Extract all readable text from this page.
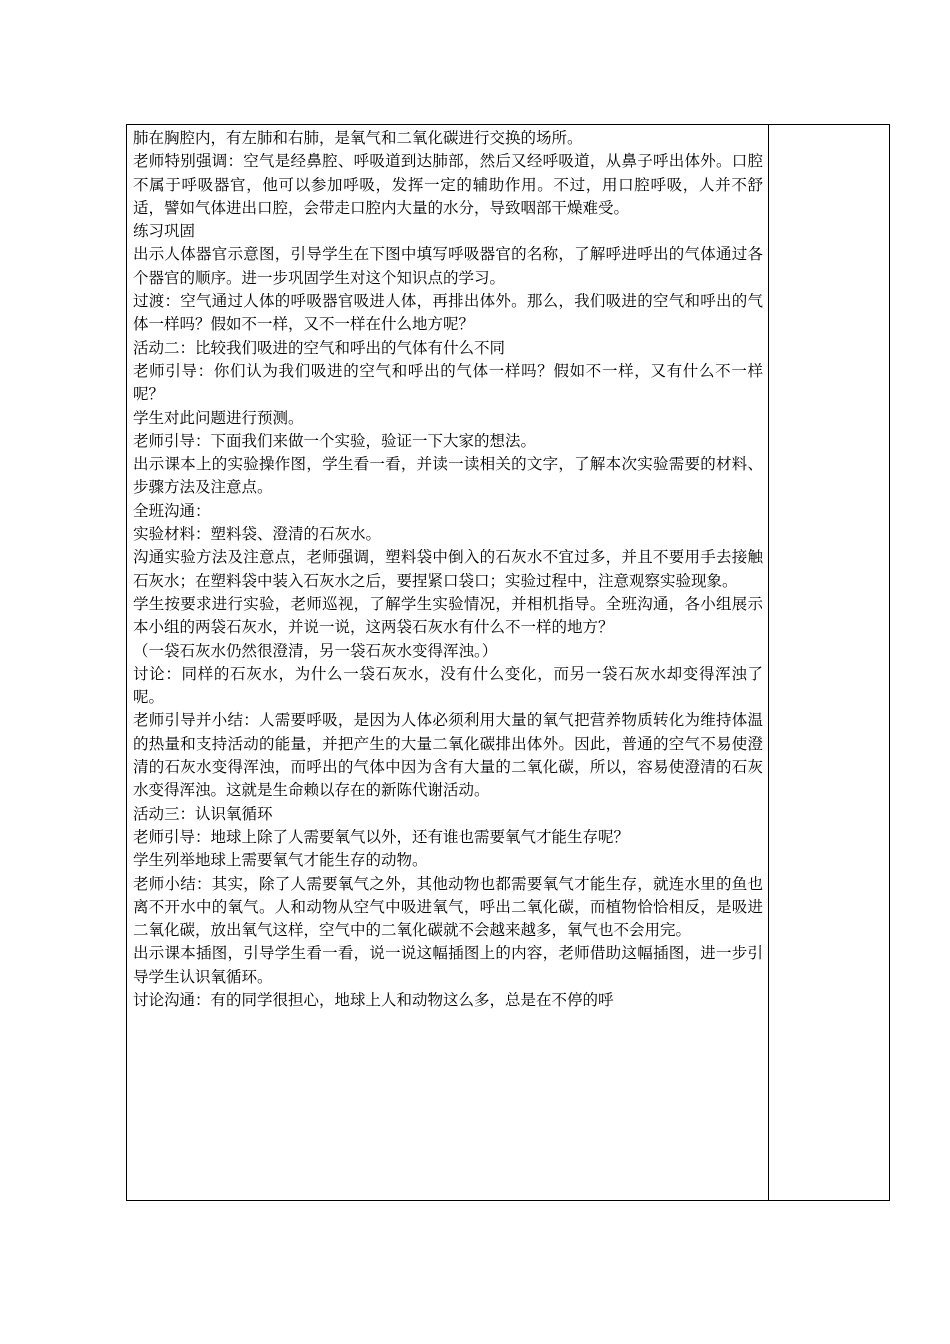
肺在胸腔内，有左肺和右肺，是氧气和二氧化碳进行交换的场所。

老师特别强调：空气是经鼻腔、呼吸道到达肺部，然后又经呼吸道，从鼻子呼出体外。口腔不属于呼吸器官，他可以参加呼吸，发挥一定的辅助作用。不过，用口腔呼吸，人并不舒适，譬如气体进出口腔，会带走口腔内大量的水分，导致咽部干燥难受。

练习巩固

出示人体器官示意图，引导学生在下图中填写呼吸器官的名称，了解呼进呼出的气体通过各个器官的顺序。进一步巩固学生对这个知识点的学习。

过渡：空气通过人体的呼吸器官吸进人体，再排出体外。那么，我们吸进的空气和呼出的气体一样吗？假如不一样，又不一样在什么地方呢？

活动二：比较我们吸进的空气和呼出的气体有什么不同

老师引导：你们认为我们吸进的空气和呼出的气体一样吗？假如不一样，又有什么不一样呢？

学生对此问题进行预测。

老师引导：下面我们来做一个实验，验证一下大家的想法。

出示课本上的实验操作图，学生看一看，并读一读相关的文字，了解本次实验需要的材料、步骤方法及注意点。

全班沟通：

实验材料：塑料袋、澄清的石灰水。

沟通实验方法及注意点，老师强调，塑料袋中倒入的石灰水不宜过多，并且不要用手去接触石灰水；在塑料袋中装入石灰水之后，要捏紧口袋口；实验过程中，注意观察实验现象。

学生按要求进行实验，老师巡视，了解学生实验情况，并相机指导。全班沟通，各小组展示本小组的两袋石灰水，并说一说，这两袋石灰水有什么不一样的地方？

（一袋石灰水仍然很澄清，另一袋石灰水变得浑浊。）

讨论：同样的石灰水，为什么一袋石灰水，没有什么变化，而另一袋石灰水却变得浑浊了呢。

老师引导并小结：人需要呼吸，是因为人体必须利用大量的氧气把营养物质转化为维持体温的热量和支持活动的能量，并把产生的大量二氧化碳排出体外。因此，普通的空气不易使澄清的石灰水变得浑浊，而呼出的气体中因为含有大量的二氧化碳，所以，容易使澄清的石灰水变得浑浊。这就是生命赖以存在的新陈代谢活动。

活动三：认识氧循环

老师引导：地球上除了人需要氧气以外，还有谁也需要氧气才能生存呢？

学生列举地球上需要氧气才能生存的动物。

老师小结：其实，除了人需要氧气之外，其他动物也都需要氧气才能生存，就连水里的鱼也离不开水中的氧气。人和动物从空气中吸进氧气，呼出二氧化碳，而植物恰恰相反，是吸进二氧化碳，放出氧气这样，空气中的二氧化碳就不会越来越多，氧气也不会用完。

出示课本插图，引导学生看一看，说一说这幅插图上的内容，老师借助这幅插图，进一步引导学生认识氧循环。

讨论沟通：有的同学很担心，地球上人和动物这么多，总是在不停的呼
